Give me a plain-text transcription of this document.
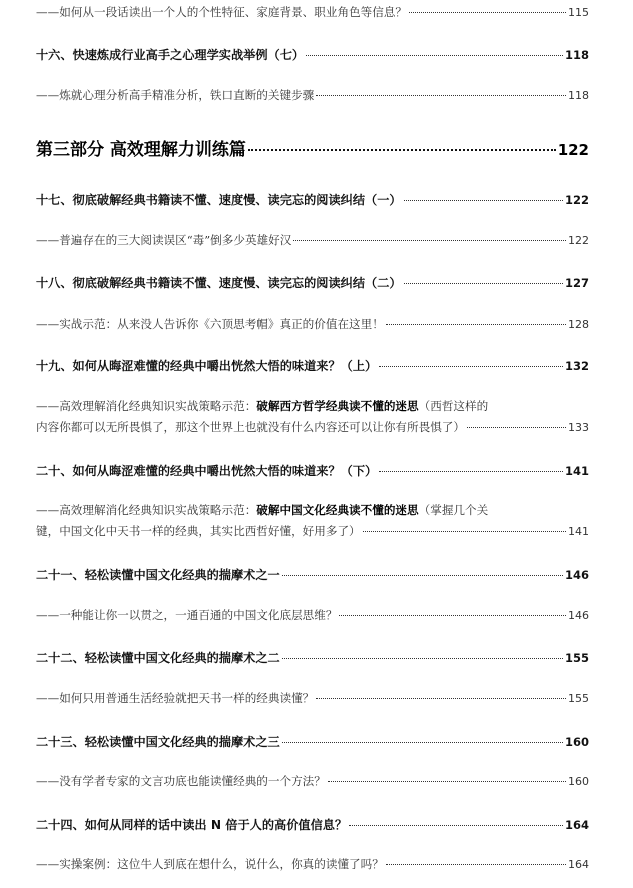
——如何从一段话读出一个人的个性特征、家庭背景、职业角色等信息？	115
十六、快速炼成行业高手之心理学实战举例（七）	118
——炼就心理分析高手精准分析，铁口直断的关键步骤	118
第三部分 高效理解力训练篇	122
十七、彻底破解经典书籍读不懂、速度慢、读完忘的阅读纠结（一）	122
——普遍存在的三大阅读误区“毒”倒多少英雄好汉	122
十八、彻底破解经典书籍读不懂、速度慢、读完忘的阅读纠结（二）	127
——实战示范：从来没人告诉你《六顶思考帽》真正的价值在这里！	128
十九、如何从晦涩难懂的经典中嚼出恍然大悟的味道来？（上）	132
——高效理解消化经典知识实战策略示范：破解西方哲学经典读不懂的迷思（西哲这样的
内容你都可以无所畏惧了，那这个世界上也就没有什么内容还可以让你有所畏惧了）	133
二十、如何从晦涩难懂的经典中嚼出恍然大悟的味道来？（下）	141
——高效理解消化经典知识实战策略示范：破解中国文化经典读不懂的迷思（掌握几个关
键，中国文化中天书一样的经典，其实比西哲好懂，好用多了）	141
二十一、轻松读懂中国文化经典的揣摩术之一	146
——一种能让你一以贯之，一通百通的中国文化底层思维？	146
二十二、轻松读懂中国文化经典的揣摩术之二	155
——如何只用普通生活经验就把天书一样的经典读懂？	155
二十三、轻松读懂中国文化经典的揣摩术之三	160
——没有学者专家的文言功底也能读懂经典的一个方法？	160
二十四、如何从同样的话中读出 N 倍于人的高价值信息？	164
——实操案例：这位牛人到底在想什么，说什么，你真的读懂了吗？	164
